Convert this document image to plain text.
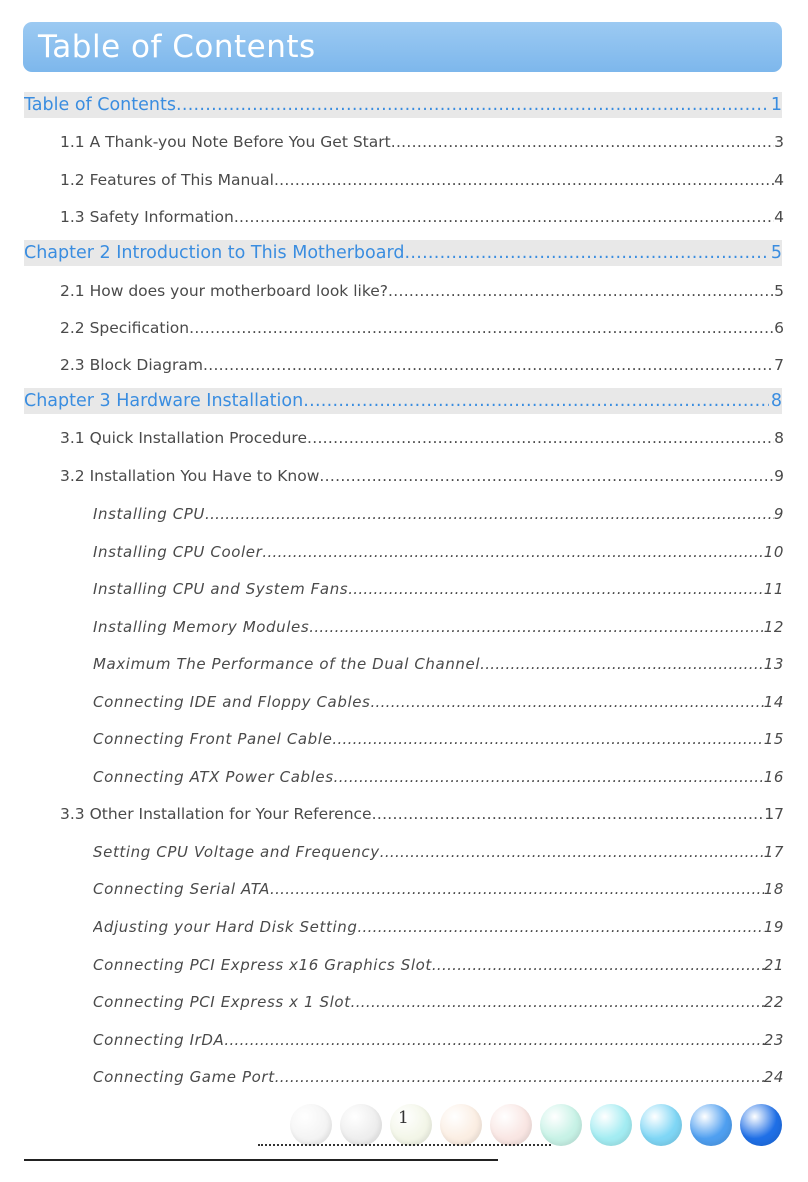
Table of Contents
Table of Contents .....	1
1.1 A Thank-you Note Before You Get Start .....	3
1.2 Features of This Manual .....	4
1.3 Safety Information .....	4
Chapter 2 Introduction to This Motherboard .....	5
2.1 How does your motherboard look like? .....	5
2.2 Specification .....	6
2.3 Block Diagram .....	7
Chapter 3 Hardware Installation .....	8
3.1 Quick Installation Procedure .....	8
3.2 Installation You Have to Know .....	9
Installing CPU .....	9
Installing CPU Cooler .....	10
Installing CPU and System Fans .....	11
Installing Memory Modules .....	12
Maximum The Performance of the Dual Channel .....	13
Connecting IDE and Floppy Cables .....	14
Connecting Front Panel Cable .....	15
Connecting ATX Power Cables .....	16
3.3 Other Installation for Your Reference .....	17
Setting CPU Voltage and Frequency .....	17
Connecting Serial ATA .....	18
Adjusting your Hard Disk Setting .....	19
Connecting PCI Express x16 Graphics Slot .....	21
Connecting PCI Express x 1 Slot .....	22
Connecting IrDA .....	23
Connecting Game Port .....	24
1
